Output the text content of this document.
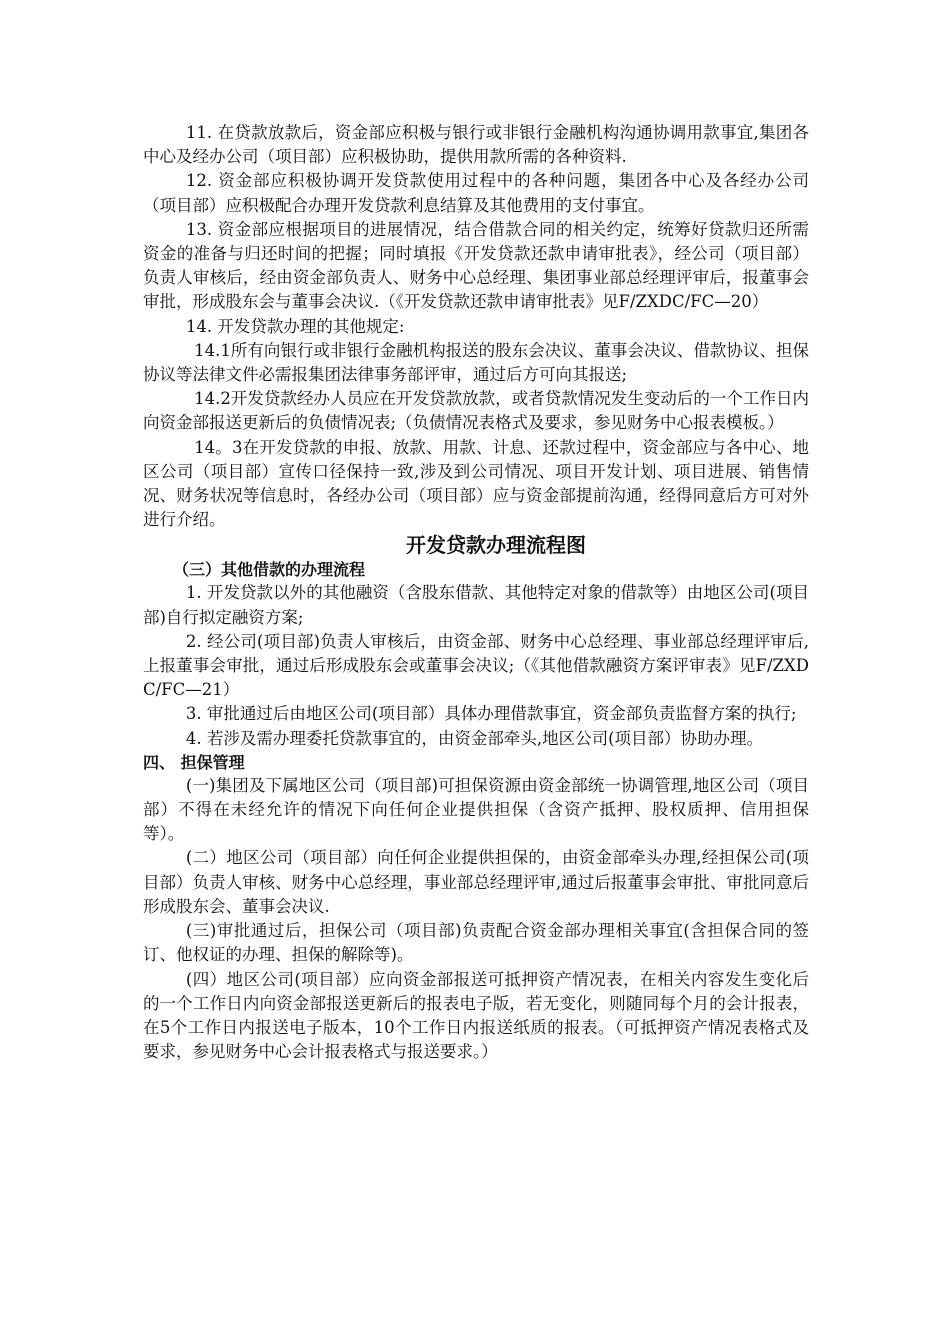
11. 在贷款放款后，资金部应积极与银行或非银行金融机构沟通协调用款事宜,集团各中心及经办公司（项目部）应积极协助，提供用款所需的各种资料.

12. 资金部应积极协调开发贷款使用过程中的各种问题，集团各中心及各经办公司（项目部）应积极配合办理开发贷款利息结算及其他费用的支付事宜。

13. 资金部应根据项目的进展情况，结合借款合同的相关约定，统筹好贷款归还所需资金的准备与归还时间的把握；同时填报《开发贷款还款申请审批表》，经公司（项目部）负责人审核后，经由资金部负责人、财务中心总经理、集团事业部总经理评审后，报董事会审批，形成股东会与董事会决议.（《开发贷款还款申请审批表》见F/ZXDC/FC—20）

14. 开发贷款办理的其他规定:

14.1所有向银行或非银行金融机构报送的股东会决议、董事会决议、借款协议、担保协议等法律文件必需报集团法律事务部评审，通过后方可向其报送;

14.2开发贷款经办人员应在开发贷款放款，或者贷款情况发生变动后的一个工作日内向资金部报送更新后的负债情况表;（负债情况表格式及要求，参见财务中心报表模板。）

14。3在开发贷款的申报、放款、用款、计息、还款过程中，资金部应与各中心、地区公司（项目部）宣传口径保持一致,涉及到公司情况、项目开发计划、项目进展、销售情况、财务状况等信息时，各经办公司（项目部）应与资金部提前沟通，经得同意后方可对外进行介绍。

开发贷款办理流程图

（三）其他借款的办理流程

1. 开发贷款以外的其他融资（含股东借款、其他特定对象的借款等）由地区公司(项目部)自行拟定融资方案;

2. 经公司(项目部)负责人审核后，由资金部、财务中心总经理、事业部总经理评审后,上报董事会审批，通过后形成股东会或董事会决议;（《其他借款融资方案评审表》见F/ZXDC/FC—21）

3. 审批通过后由地区公司(项目部）具体办理借款事宜，资金部负责监督方案的执行;

4. 若涉及需办理委托贷款事宜的，由资金部牵头,地区公司(项目部）协助办理。

四、 担保管理

(一)集团及下属地区公司（项目部)可担保资源由资金部统一协调管理,地区公司（项目部）不得在未经允许的情况下向任何企业提供担保（含资产抵押、股权质押、信用担保等）。

(二）地区公司（项目部）向任何企业提供担保的，由资金部牵头办理,经担保公司(项目部）负责人审核、财务中心总经理，事业部总经理评审,通过后报董事会审批、审批同意后形成股东会、董事会决议.

(三)审批通过后，担保公司（项目部)负责配合资金部办理相关事宜(含担保合同的签订、他权证的办理、担保的解除等)。

(四）地区公司(项目部）应向资金部报送可抵押资产情况表，在相关内容发生变化后的一个工作日内向资金部报送更新后的报表电子版，若无变化，则随同每个月的会计报表，在5个工作日内报送电子版本，10个工作日内报送纸质的报表。（可抵押资产情况表格式及要求，参见财务中心会计报表格式与报送要求。）
